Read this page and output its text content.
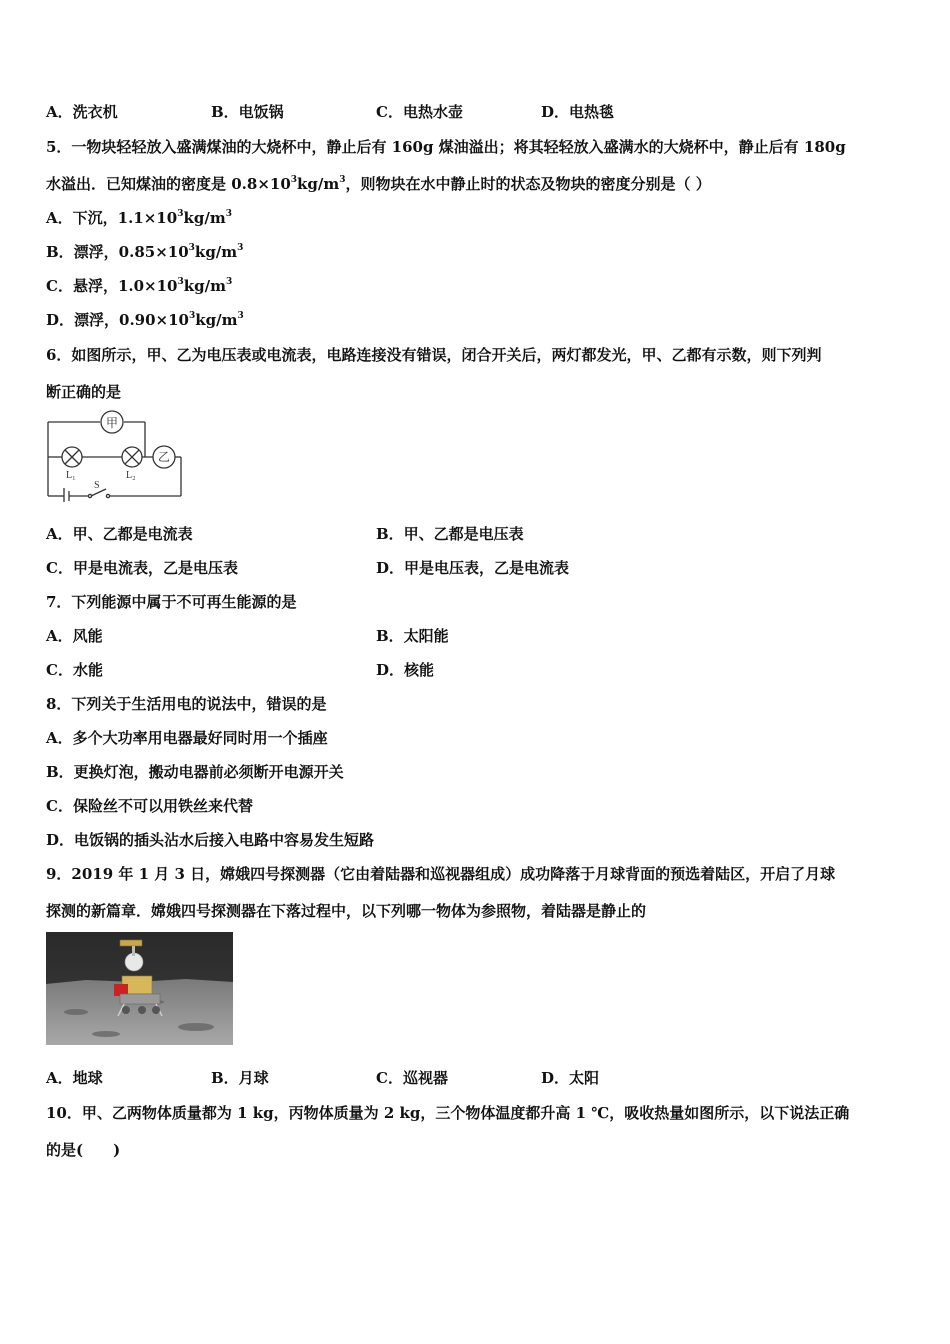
A．洗衣机	B．电饭锅	C．电热水壶	D．电热毯
5．一物块轻轻放入盛满煤油的大烧杯中，静止后有 160g 煤油溢出；将其轻轻放入盛满水的大烧杯中，静止后有 180g
水溢出．已知煤油的密度是 $0.8\times 10^3kg/m^3$，则物块在水中静止时的状态及物块的密度分别是（ ）
A．下沉，$1.1\times 10^3kg/m^3$
B．漂浮，$0.85\times 10^3kg/m^3$
C．悬浮，$1.0\times 10^3kg/m^3$
D．漂浮，$0.90\times 10^3kg/m^3$
6．如图所示，甲、乙为电压表或电流表，电路连接没有错误，闭合开关后，两灯都发光，甲、乙都有示数，则下列判
断正确的是
甲
乙
L₁	L₂
S
A．甲、乙都是电流表	B．甲、乙都是电压表
C．甲是电流表，乙是电压表	D．甲是电压表，乙是电流表
7．下列能源中属于不可再生能源的是
A．风能	B．太阳能
C．水能	D．核能
8．下列关于生活用电的说法中，错误的是
A．多个大功率用电器最好同时用一个插座
B．更换灯泡，搬动电器前必须断开电源开关
C．保险丝不可以用铁丝来代替
D．电饭锅的插头沾水后接入电路中容易发生短路
9．2019 年 1 月 3 日，嫦娥四号探测器（它由着陆器和巡视器组成）成功降落于月球背面的预选着陆区，开启了月球
探测的新篇章．嫦娥四号探测器在下落过程中，以下列哪一物体为参照物，着陆器是静止的
A．地球	B．月球	C．巡视器	D．太阳
10．甲、乙两物体质量都为 1 kg，丙物体质量为 2 kg，三个物体温度都升高 1 ℃，吸收热量如图所示，以下说法正确
的是(　　)
